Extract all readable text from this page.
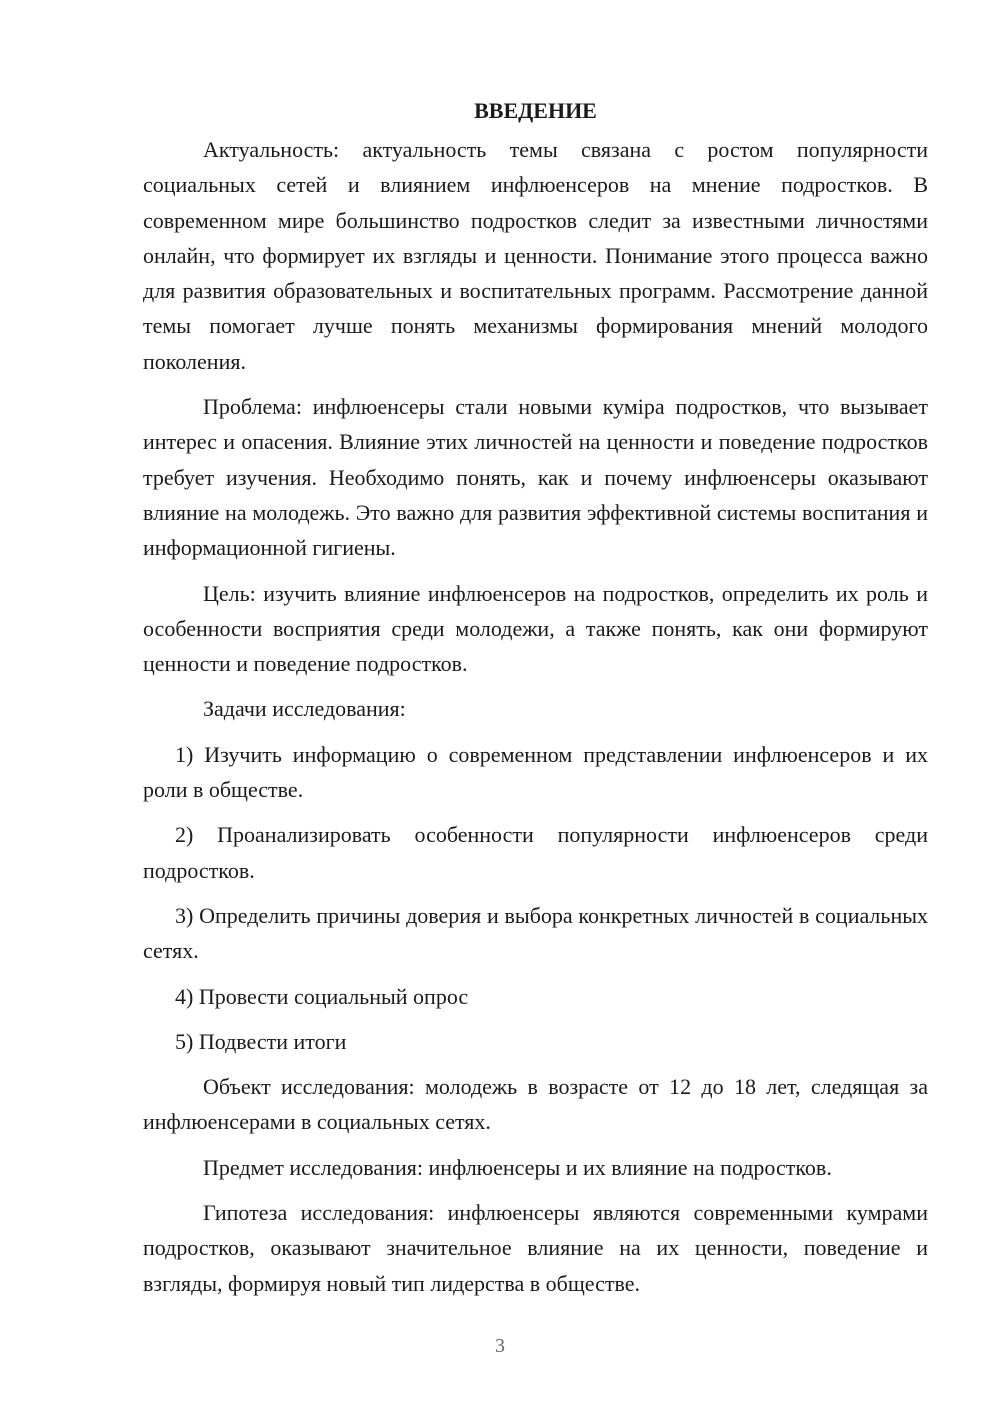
ВВЕДЕНИЕ

Актуальность: актуальность темы связана с ростом популярности социальных сетей и влиянием инфлюенсеров на мнение подростков. В современном мире большинство подростков следит за известными личностями онлайн, что формирует их взгляды и ценности. Понимание этого процесса важно для развития образовательных и воспитательных программ. Рассмотрение данной темы помогает лучше понять механизмы формирования мнений молодого поколения.

Проблема: инфлюенсеры стали новыми куміра подростков, что вызывает интерес и опасения. Влияние этих личностей на ценности и поведение подростков требует изучения. Необходимо понять, как и почему инфлюенсеры оказывают влияние на молодежь. Это важно для развития эффективной системы воспитания и информационной гигиены.

Цель: изучить влияние инфлюенсеров на подростков, определить их роль и особенности восприятия среди молодежи, а также понять, как они формируют ценности и поведение подростков.

Задачи исследования:

1) Изучить информацию о современном представлении инфлюенсеров и их роли в обществе.

2) Проанализировать особенности популярности инфлюенсеров среди подростков.

3) Определить причины доверия и выбора конкретных личностей в социальных сетях.

4) Провести социальный опрос

5) Подвести итоги

Объект исследования: молодежь в возрасте от 12 до 18 лет, следящая за инфлюенсерами в социальных сетях.

Предмет исследования: инфлюенсеры и их влияние на подростков.

Гипотеза исследования: инфлюенсеры являются современными кумрами подростков, оказывают значительное влияние на их ценности, поведение и взгляды, формируя новый тип лидерства в обществе.

3
